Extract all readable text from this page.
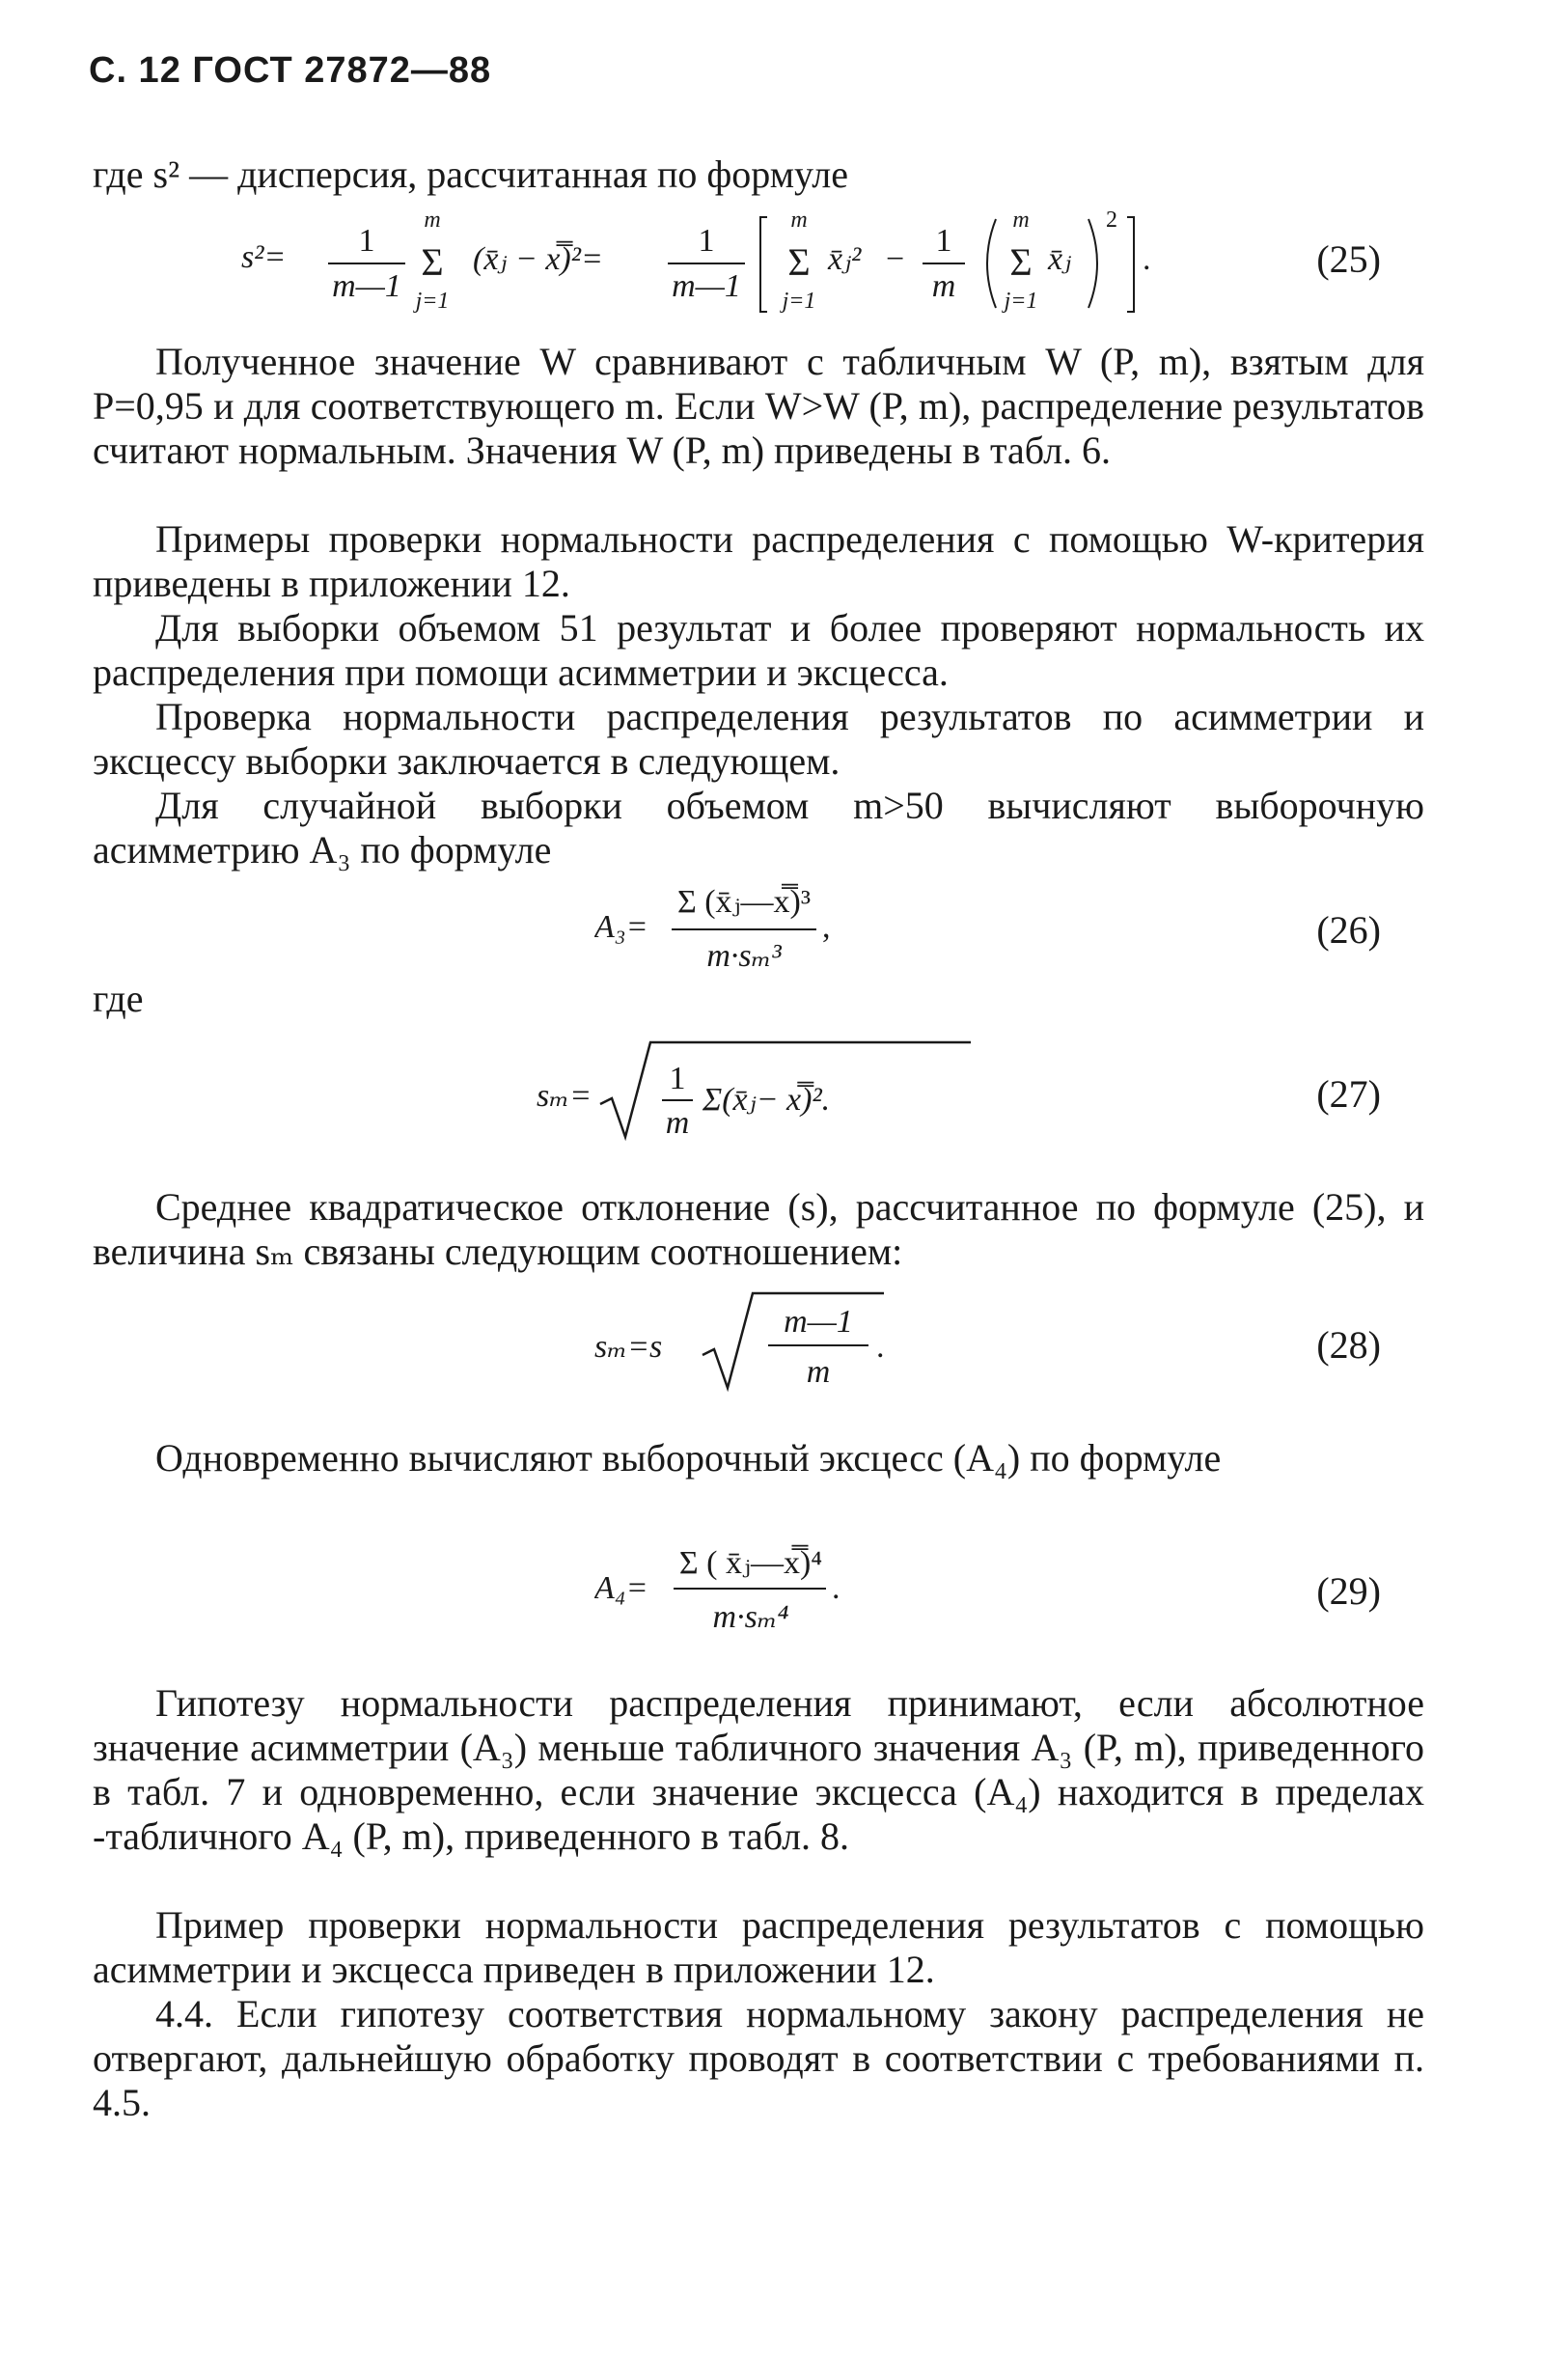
С. 12 ГОСТ 27872—88
где s² — дисперсия, рассчитанная по формуле
s²= 1
m—1
m
Σ
j=1
(x̄ⱼ − x̿)²=
1
m—1
m
Σ
j=1
x̄ⱼ² −
1
m
m
Σ
j=1
x̄ⱼ
2
.	(25)
Полученное значение W сравнивают с табличным W (P, m), взятым для P=0,95 и для соответствующего m. Если W>W (P, m), распределение результатов считают нормальным. Значения W (P, m) приведены в табл. 6.
Примеры проверки нормальности распределения с помощью W-критерия приведены в приложении 12.
Для выборки объемом 51 результат и более проверяют нормальность их распределения при помощи асимметрии и эксцесса.
Проверка нормальности распределения результатов по асимметрии и эксцессу выборки заключается в следующем.
Для случайной выборки объемом m>50 вычисляют выборочную асимметрию A₃ по формуле
A₃=
Σ (x̄ⱼ—x̿)³
m·sₘ³
,	(26)
где
sₘ= 1
m
Σ(x̄ⱼ− x̿)².	(27)
Среднее квадратическое отклонение (s), рассчитанное по формуле (25), и величина sₘ связаны следующим соотношением:
sₘ=s
m—1
m
.	(28)
Одновременно вычисляют выборочный эксцесс (A₄) по формуле
A₄=
Σ ( x̄ⱼ—x̿)⁴
m·sₘ⁴
.	(29)
Гипотезу нормальности распределения принимают, если абсолютное значение асимметрии (A₃) меньше табличного значения A₃ (P, m), приведенного в табл. 7 и одновременно, если значение эксцесса (A₄) находится в пределах -табличного A₄ (P, m), приведенного в табл. 8.
Пример проверки нормальности распределения результатов с помощью асимметрии и эксцесса приведен в приложении 12.
4.4. Если гипотезу соответствия нормальному закону распределения не отвергают, дальнейшую обработку проводят в соответствии с требованиями п. 4.5.
